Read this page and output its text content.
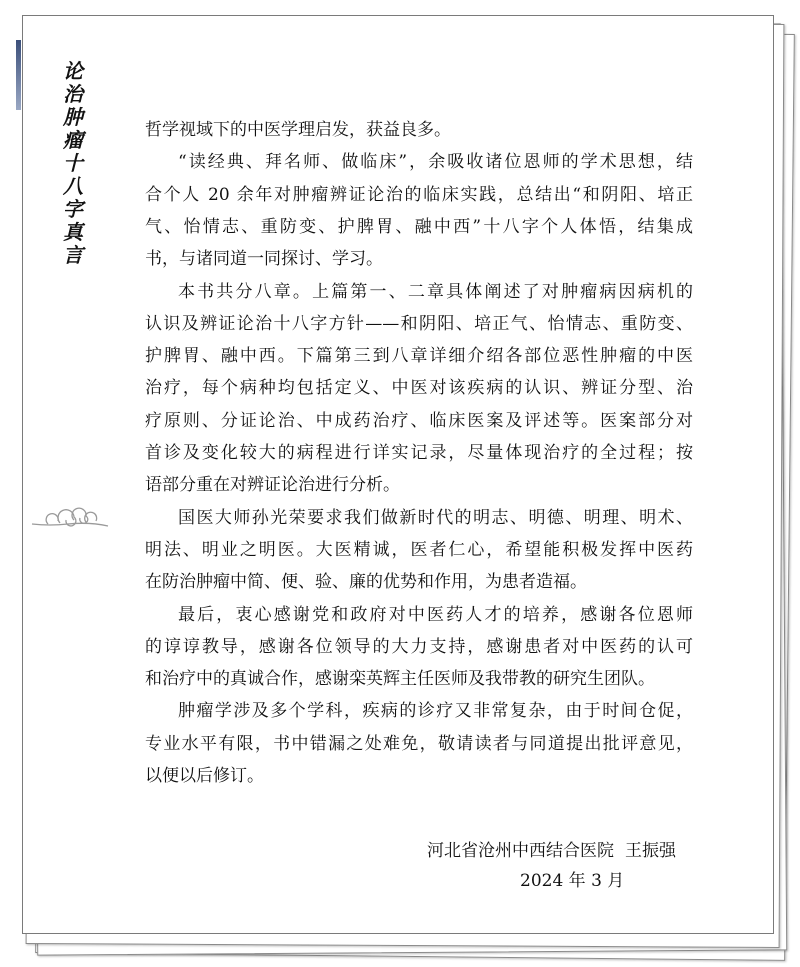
论治肿瘤十八字真言
哲学视域下的中医学理启发，获益良多。
“读经典、拜名师、做临床”，余吸收诸位恩师的学术思想，结
合个人 20 余年对肿瘤辨证论治的临床实践，总结出“和阴阳、培正
气、怡情志、重防变、护脾胃、融中西”十八字个人体悟，结集成
书，与诸同道一同探讨、学习。
本书共分八章。上篇第一、二章具体阐述了对肿瘤病因病机的
认识及辨证论治十八字方针——和阴阳、培正气、怡情志、重防变、
护脾胃、融中西。下篇第三到八章详细介绍各部位恶性肿瘤的中医
治疗，每个病种均包括定义、中医对该疾病的认识、辨证分型、治
疗原则、分证论治、中成药治疗、临床医案及评述等。医案部分对
首诊及变化较大的病程进行详实记录，尽量体现治疗的全过程；按
语部分重在对辨证论治进行分析。
国医大师孙光荣要求我们做新时代的明志、明德、明理、明术、
明法、明业之明医。大医精诚，医者仁心，希望能积极发挥中医药
在防治肿瘤中简、便、验、廉的优势和作用，为患者造福。
最后，衷心感谢党和政府对中医药人才的培养，感谢各位恩师
的谆谆教导，感谢各位领导的大力支持，感谢患者对中医药的认可
和治疗中的真诚合作，感谢栾英辉主任医师及我带教的研究生团队。
肿瘤学涉及多个学科，疾病的诊疗又非常复杂，由于时间仓促，
专业水平有限，书中错漏之处难免，敬请读者与同道提出批评意见，
以便以后修订。
河北省沧州中西结合医院 王振强
2024 年 3 月
